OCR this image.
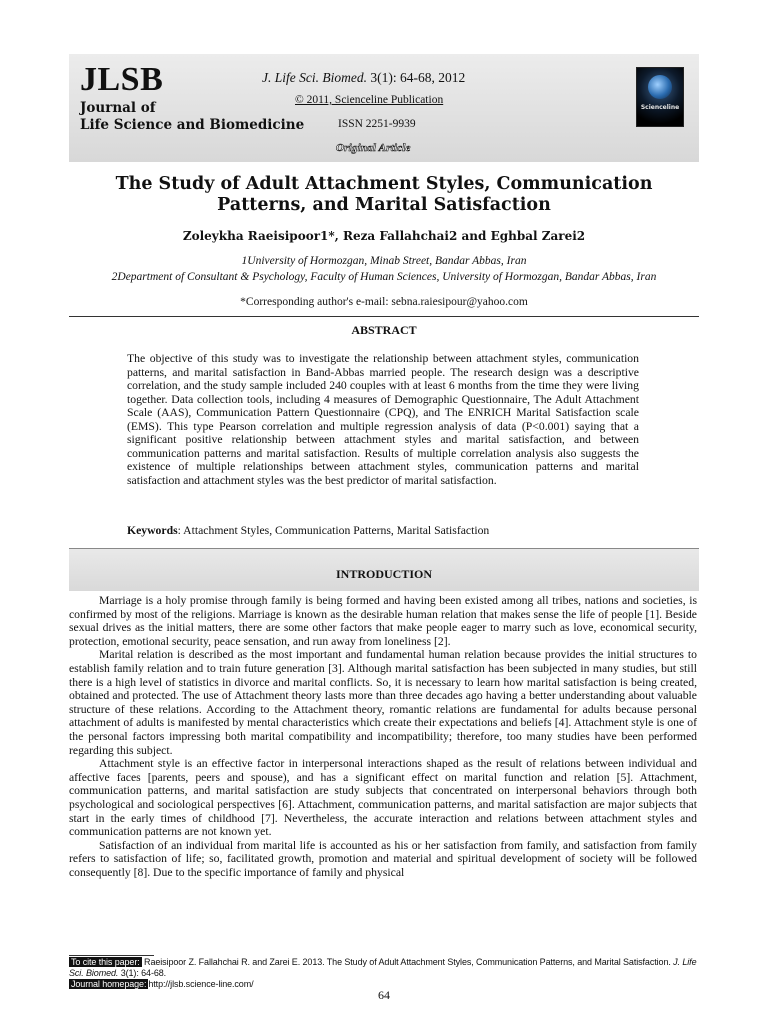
JLSB
Journal of
Life Science and Biomedicine
J. Life Sci. Biomed. 3(1): 64-68, 2012
© 2011, Scienceline Publication
ISSN 2251-9939
Original Article
Scienceline
The Study of Adult Attachment Styles, Communication Patterns, and Marital Satisfaction
Zoleykha Raeisipoor1*, Reza Fallahchai2 and Eghbal Zarei2
1University of Hormozgan, Minab Street, Bandar Abbas, Iran
2Department of Consultant & Psychology, Faculty of Human Sciences, University of Hormozgan, Bandar Abbas, Iran
*Corresponding author's e-mail: sebna.raiesipour@yahoo.com
ABSTRACT
The objective of this study was to investigate the relationship between attachment styles, communication patterns, and marital satisfaction in Band-Abbas married people. The research design was a descriptive correlation, and the study sample included 240 couples with at least 6 months from the time they were living together. Data collection tools, including 4 measures of Demographic Questionnaire, The Adult Attachment Scale (AAS), Communication Pattern Questionnaire (CPQ), and The ENRICH Marital Satisfaction scale (EMS). This type Pearson correlation and multiple regression analysis of data (P<0.001) saying that a significant positive relationship between attachment styles and marital satisfaction, and between communication patterns and marital satisfaction. Results of multiple correlation analysis also suggests the existence of multiple relationships between attachment styles, communication patterns and marital satisfaction and attachment styles was the best predictor of marital satisfaction.
Keywords: Attachment Styles, Communication Patterns, Marital Satisfaction
INTRODUCTION

Marriage is a holy promise through family is being formed and having been existed among all tribes, nations and societies, is confirmed by most of the religions. Marriage is known as the desirable human relation that makes sense the life of people [1]. Beside sexual drives as the initial matters, there are some other factors that make people eager to marry such as love, economical security, protection, emotional security, peace sensation, and run away from loneliness [2].

Marital relation is described as the most important and fundamental human relation because provides the initial structures to establish family relation and to train future generation [3]. Although marital satisfaction has been subjected in many studies, but still there is a high level of statistics in divorce and marital conflicts. So, it is necessary to learn how marital satisfaction is being created, obtained and protected. The use of Attachment theory lasts more than three decades ago having a better understanding about valuable structure of these relations. According to the Attachment theory, romantic relations are fundamental for adults because personal attachment of adults is manifested by mental characteristics which create their expectations and beliefs [4]. Attachment style is one of the personal factors impressing both marital compatibility and incompatibility; therefore, too many studies have been performed regarding this subject.

Attachment style is an effective factor in interpersonal interactions shaped as the result of relations between individual and affective faces [parents, peers and spouse), and has a significant effect on marital function and relation [5]. Attachment, communication patterns, and marital satisfaction are study subjects that concentrated on interpersonal behaviors through both psychological and sociological perspectives [6]. Attachment, communication patterns, and marital satisfaction are major subjects that start in the early times of childhood [7]. Nevertheless, the accurate interaction and relations between attachment styles and communication patterns are not known yet.

Satisfaction of an individual from marital life is accounted as his or her satisfaction from family, and satisfaction from family refers to satisfaction of life; so, facilitated growth, promotion and material and spiritual development of society will be followed consequently [8]. Due to the specific importance of family and physical

To cite this paper: Raeisipoor Z. Fallahchai R. and Zarei E. 2013. The Study of Adult Attachment Styles, Communication Patterns, and Marital Satisfaction. J. Life Sci. Biomed. 3(1): 64-68.
Journal homepage: http://jlsb.science-line.com/
64
